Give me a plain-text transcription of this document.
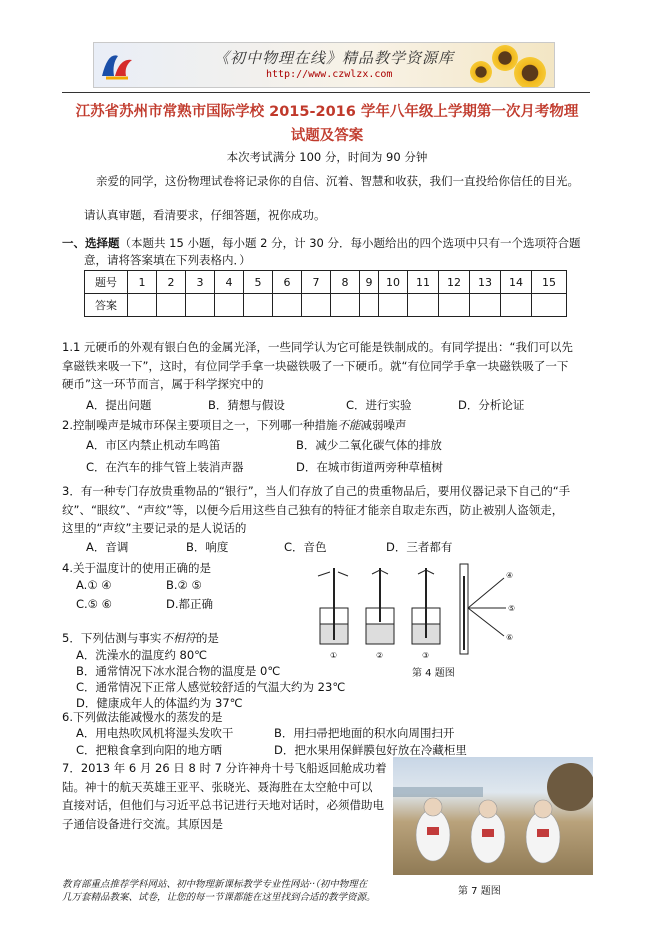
《初中物理在线》精品教学资源库
http://www.czwlzx.com
江苏省苏州市常熟市国际学校 2015-2016 学年八年级上学期第一次月考物理
试题及答案
本次考试满分 100 分，时间为 90 分钟
亲爱的同学，这份物理试卷将记录你的自信、沉着、智慧和收获，我们一直投给你信任的目光。
请认真审题，看清要求，仔细答题，祝你成功。
一、选择题（本题共 15 小题，每小题 2 分，计 30 分．每小题给出的四个选项中只有一个选项符合题
意，请将答案填在下列表格内．）
题号	1	2	3	4	5	6	7	8	9	10	11	12	13	14	15
答案															
1.1 元硬币的外观有银白色的金属光泽，一些同学认为它可能是铁制成的。有同学提出：“我们可以先
拿磁铁来吸一下”，这时，有位同学手拿一块磁铁吸了一下硬币。就“有位同学手拿一块磁铁吸了一下
硬币”这一环节而言，属于科学探究中的
A．提出问题	B．猜想与假设	C．进行实验	D．分析论证
2.控制噪声是城市环保主要项目之一，下列哪一种措施不能减弱噪声
A．市区内禁止机动车鸣笛	B．减少二氧化碳气体的排放
C．在汽车的排气管上装消声器	D．在城市街道两旁种草植树
3．有一种专门存放贵重物品的“银行”，当人们存放了自己的贵重物品后，要用仪器记录下自己的“手
纹”、“眼纹”、“声纹”等，以便今后用这些自己独有的特征才能亲自取走东西，防止被别人盗领走，
这里的“声纹”主要记录的是人说话的
A．音调	B．响度	C．音色	D．三者都有
4.关于温度计的使用正确的是
A.① ④	B.② ⑤
C.⑤ ⑥	D.都正确
①	②	③
④
⑤
⑥
第 4 题图
5．下列估测与事实不相符的是
A．洗澡水的温度约 80℃
B．通常情况下冰水混合物的温度是 0℃
C．通常情况下正常人感觉较舒适的气温大约为 23℃
D．健康成年人的体温约为 37℃
6.下列做法能减慢水的蒸发的是
A．用电热吹风机将湿头发吹干	B．用扫帚把地面的积水向周围扫开
C．把粮食拿到向阳的地方晒	D．把水果用保鲜膜包好放在冷藏柜里
7．2013 年 6 月 26 日 8 时 7 分许神舟十号飞船返回舱成功着
陆。神十的航天英雄王亚平、张晓光、聂海胜在太空舱中可以
直接对话，但他们与习近平总书记进行天地对话时，必须借助电
子通信设备进行交流。其原因是
第 7 题图
教育部重点推荐学科网站、初中物理新课标教学专业性网站··（初中物理在
几万套精品教案、试卷，让您的每一节课都能在这里找到合适的教学资源。
